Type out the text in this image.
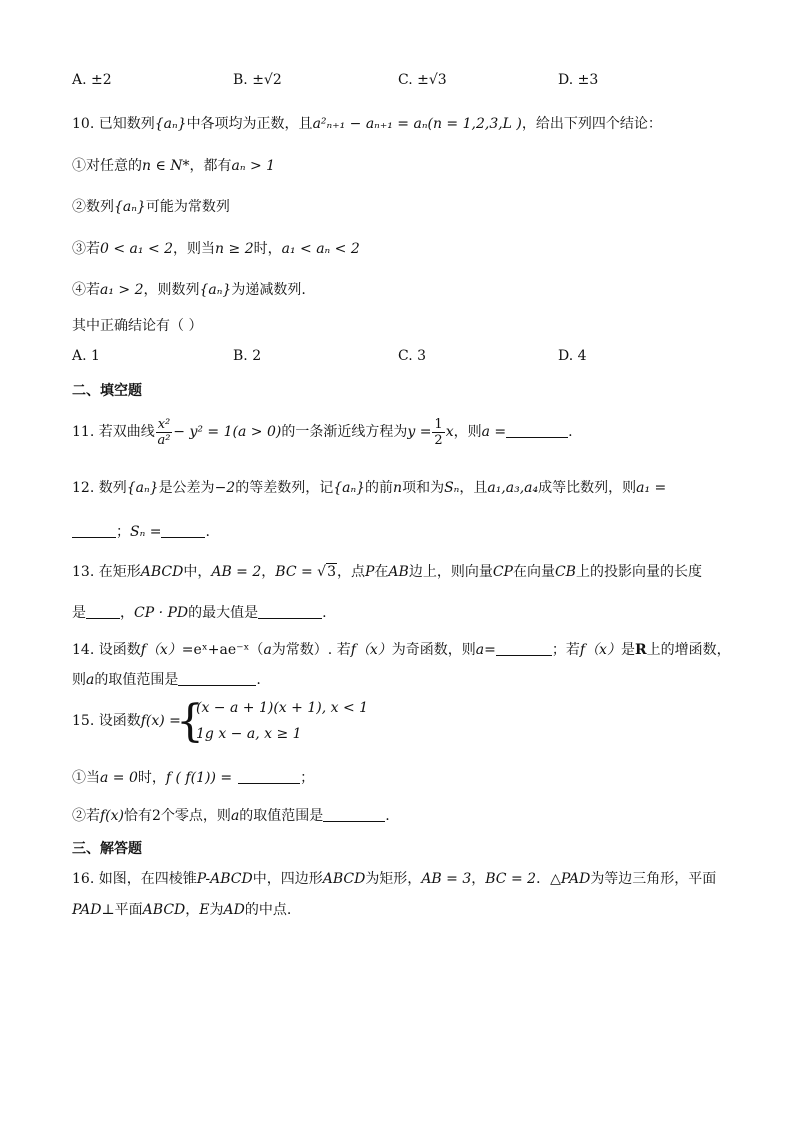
A. ±2	B. ±√2	C. ±√3	D. ±3
10. 已知数列{aₙ}中各项均为正数，且a²ₙ₊₁ − aₙ₊₁ = aₙ(n = 1,2,3,L )，给出下列四个结论：
①对任意的n ∈ N*，都有aₙ > 1
②数列{aₙ}可能为常数列
③若0 < a₁ < 2，则当n ≥ 2时，a₁ < aₙ < 2
④若a₁ > 2，则数列{aₙ}为递减数列.
其中正确结论有（ ）
A. 1	B. 2	C. 3	D. 4
二、填空题
11. 若双曲线 $\frac{\text{x²}}{\text{a²}} - y^2 = 1(a > 0)$的一条渐近线方程为$y = \frac{1}{2}$ x，则a =	.
12. 数列{aₙ}是公差为−2的等差数列，记{aₙ}的前n项和为Sₙ，且a₁,a₃,a₄成等比数列，则a₁ =
；Sₙ =	.
13. 在矩形ABCD中，AB = 2，BC = √3，点P在AB边上，则向量CP在向量CB上的投影向量的长度
是 ，CP · PD的最大值是	.
14. 设函数f（x）=eˣ+ae⁻ˣ（a为常数）. 若f（x）为奇函数，则a=	；若f（x）是R上的增函数，
则a的取值范围是	.
15. 设函数f(x) =
{
(x − a + 1)(x + 1), x < 1
1g x − a, x ≥ 1
①当a = 0时，f ( f(1)) =	；
②若f(x)恰有2个零点，则a的取值范围是	.
三、解答题
16. 如图，在四棱锥P-ABCD中，四边形ABCD为矩形，AB = 3，BC = 2．△PAD为等边三角形，平面
PAD⊥平面ABCD，E为AD的中点.
